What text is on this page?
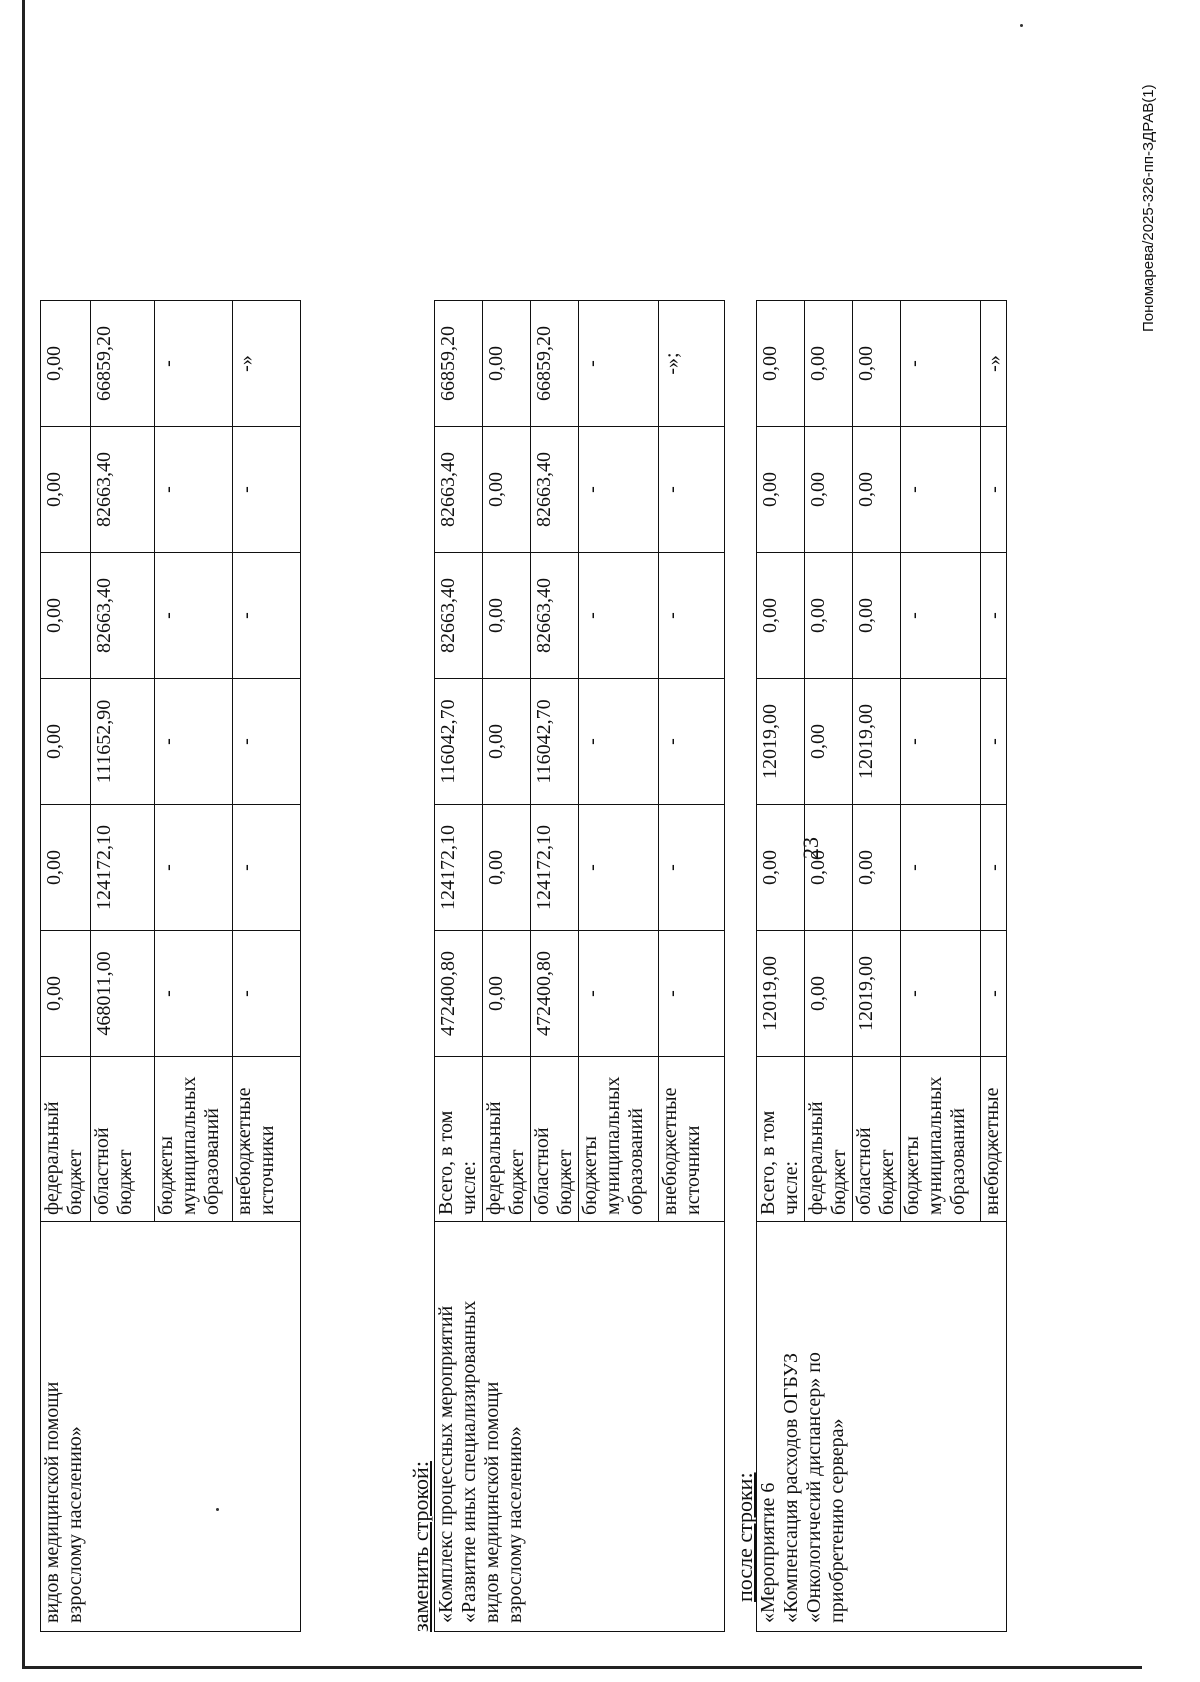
23
видов медицинской помощи взрослому населению»	федеральный бюджет	0,00	0,00	0,00	0,00	0,00	0,00
	областной бюджет	468011,00	124172,10	111652,90	82663,40	82663,40	66859,20
	бюджеты муниципальных образований	-	-	-	-	-	-
	внебюджетные источники	-	-	-	-	-	-»
заменить строкой: «Комплекс процессных мероприятий «Развитие иных специализированных видов медицинской помощи взрослому населению»	Всего, в том числе:	472400,80	124172,10	116042,70	82663,40	82663,40	66859,20
	федеральный бюджет	0,00	0,00	0,00	0,00	0,00	0,00
	областной бюджет	472400,80	124172,10	116042,70	82663,40	82663,40	66859,20
	бюджеты муниципальных образований	-	-	-	-	-	-
	внебюджетные источники	-	-	-	-	-	-»;
после строки: «Мероприятие 6 «Компенсация расходов ОГБУЗ «Онкологичесий диспансер» по приобретению сервера»	Всего, в том числе:	12019,00	0,00	12019,00	0,00	0,00	0,00
	федеральный бюджет	0,00	0,00	0,00	0,00	0,00	0,00
	областной бюджет	12019,00	0,00	12019,00	0,00	0,00	0,00
	бюджеты муниципальных образований	-	-	-	-	-	-
	внебюджетные	-	-	-	-	-	-»
Пономарева/2025-326-пп-ЗДРАВ(1)
